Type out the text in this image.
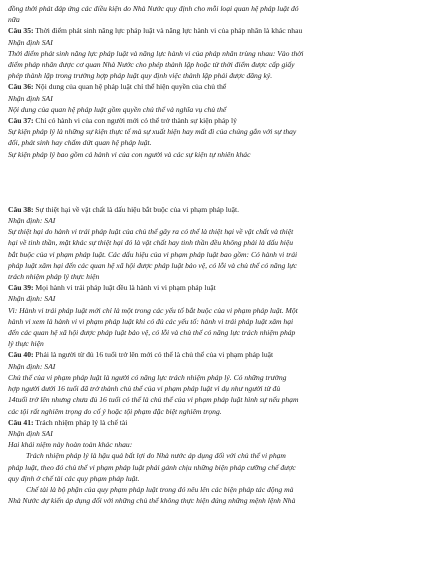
đồng thời phát đáp ứng các điều kiện do Nhà Nước quy định cho mỗi loại quan hệ pháp luật đó
nữa
Câu 35: Thời điểm phát sinh năng lực pháp luật và năng lực hành vi của pháp nhân là khác nhau
Nhận định SAI
Thời điểm phát sinh năng lực pháp luật và năng lực hành vi của pháp nhân trùng nhau: Vào thời
điểm pháp nhân được cơ quan Nhà Nước cho phép thành lập hoặc từ thời điểm được cấp giấy
phép thành lập trong trường hợp pháp luật quy định việc thành lập phải được đăng ký.
Câu 36: Nội dung của quan hệ pháp luật chỉ thể hiện quyền của chủ thể
Nhận định SAI
Nội dung của quan hệ pháp luật gồm quyền chủ thể và nghĩa vụ chủ thể
Câu 37: Chỉ có hành vi của con người mới có thể trở thành sự kiện pháp lý
Sự kiện pháp lý là những sự kiện thực tế mà sự xuất hiện hay mất đi của chúng gắn với sự thay
đổi, phát sinh hay chấm dứt quan hệ pháp luật.
Sự kiện pháp lý bao gồm cả hành vi của con người và các sự kiện tự nhiên khác
Câu 38: Sự thiệt hại về vật chất là dấu hiệu bắt buộc của vi phạm pháp luật.
Nhận định: SAI
Sự thiệt hại do hành vi trái pháp luật của chủ thể gây ra có thể là thiệt hại về vật chất và thiệt
hại về tinh thần, mặt khác sự thiệt hại đó là vật chất hay tinh thần đều không phải là dấu hiệu
bắt buộc của vi phạm pháp luật. Các dấu hiệu của vi phạm pháp luật bao gồm: Có hành vi trái
pháp luật xâm hại đến các quan hệ xã hội được pháp luật bảo vệ, có lỗi và chủ thể có năng lực
trách nhiệm pháp lý thực hiện
Câu 39: Mọi hành vi trái pháp luật đều là hành vi vi phạm pháp luật
Nhận định: SAI
Vì: Hành vi trái pháp luật mới chỉ là một trong các yếu tố bắt buộc của vi phạm pháp luật. Một
hành vi xem là hành vi vi phạm pháp luật khi có đủ các yếu tố: hành vi trái pháp luật xâm hại
đến các quan hệ xã hội được pháp luật bảo vệ, có lỗi và chủ thể có năng lực trách nhiệm pháp
lý thực hiện
Câu 40: Phải là người từ đủ 16 tuổi trở lên mới có thể là chủ thể của vi phạm pháp luật
Nhận định: SAI
Chủ thể của vi phạm pháp luật là người có năng lực trách nhiệm pháp lý. Có những trường
hợp người dưới 16 tuổi đã trở thành chủ thể của vi phạm pháp luật vì dụ như người từ đủ
14tuổi trở lên nhưng chưa đủ 16 tuổi có thể là chủ thể của vi phạm pháp luật hình sự nếu phạm
các tội rất nghiêm trọng do cố ý hoặc tội phạm đặc biệt nghiêm trọng.
Câu 41: Trách nhiệm pháp lý là chế tài
Nhận định SAI
Hai khái niệm này hoàn toàn khác nhau:
Trách nhiệm pháp lý là hậu quả bất lợi do Nhà nước áp dụng đối với chủ thể vi phạm
pháp luật, theo đó chủ thể vi phạm pháp luật phải gánh chịu những biện pháp cưỡng chế được
quy định ở chế tài các quy phạm pháp luật.
Chế tài là bộ phận của quy phạm pháp luật trong đó nêu lên các biện pháp tác động mà
Nhà Nước dự kiến áp dụng đối với những chủ thể không thực hiện đúng những mệnh lệnh Nhà
